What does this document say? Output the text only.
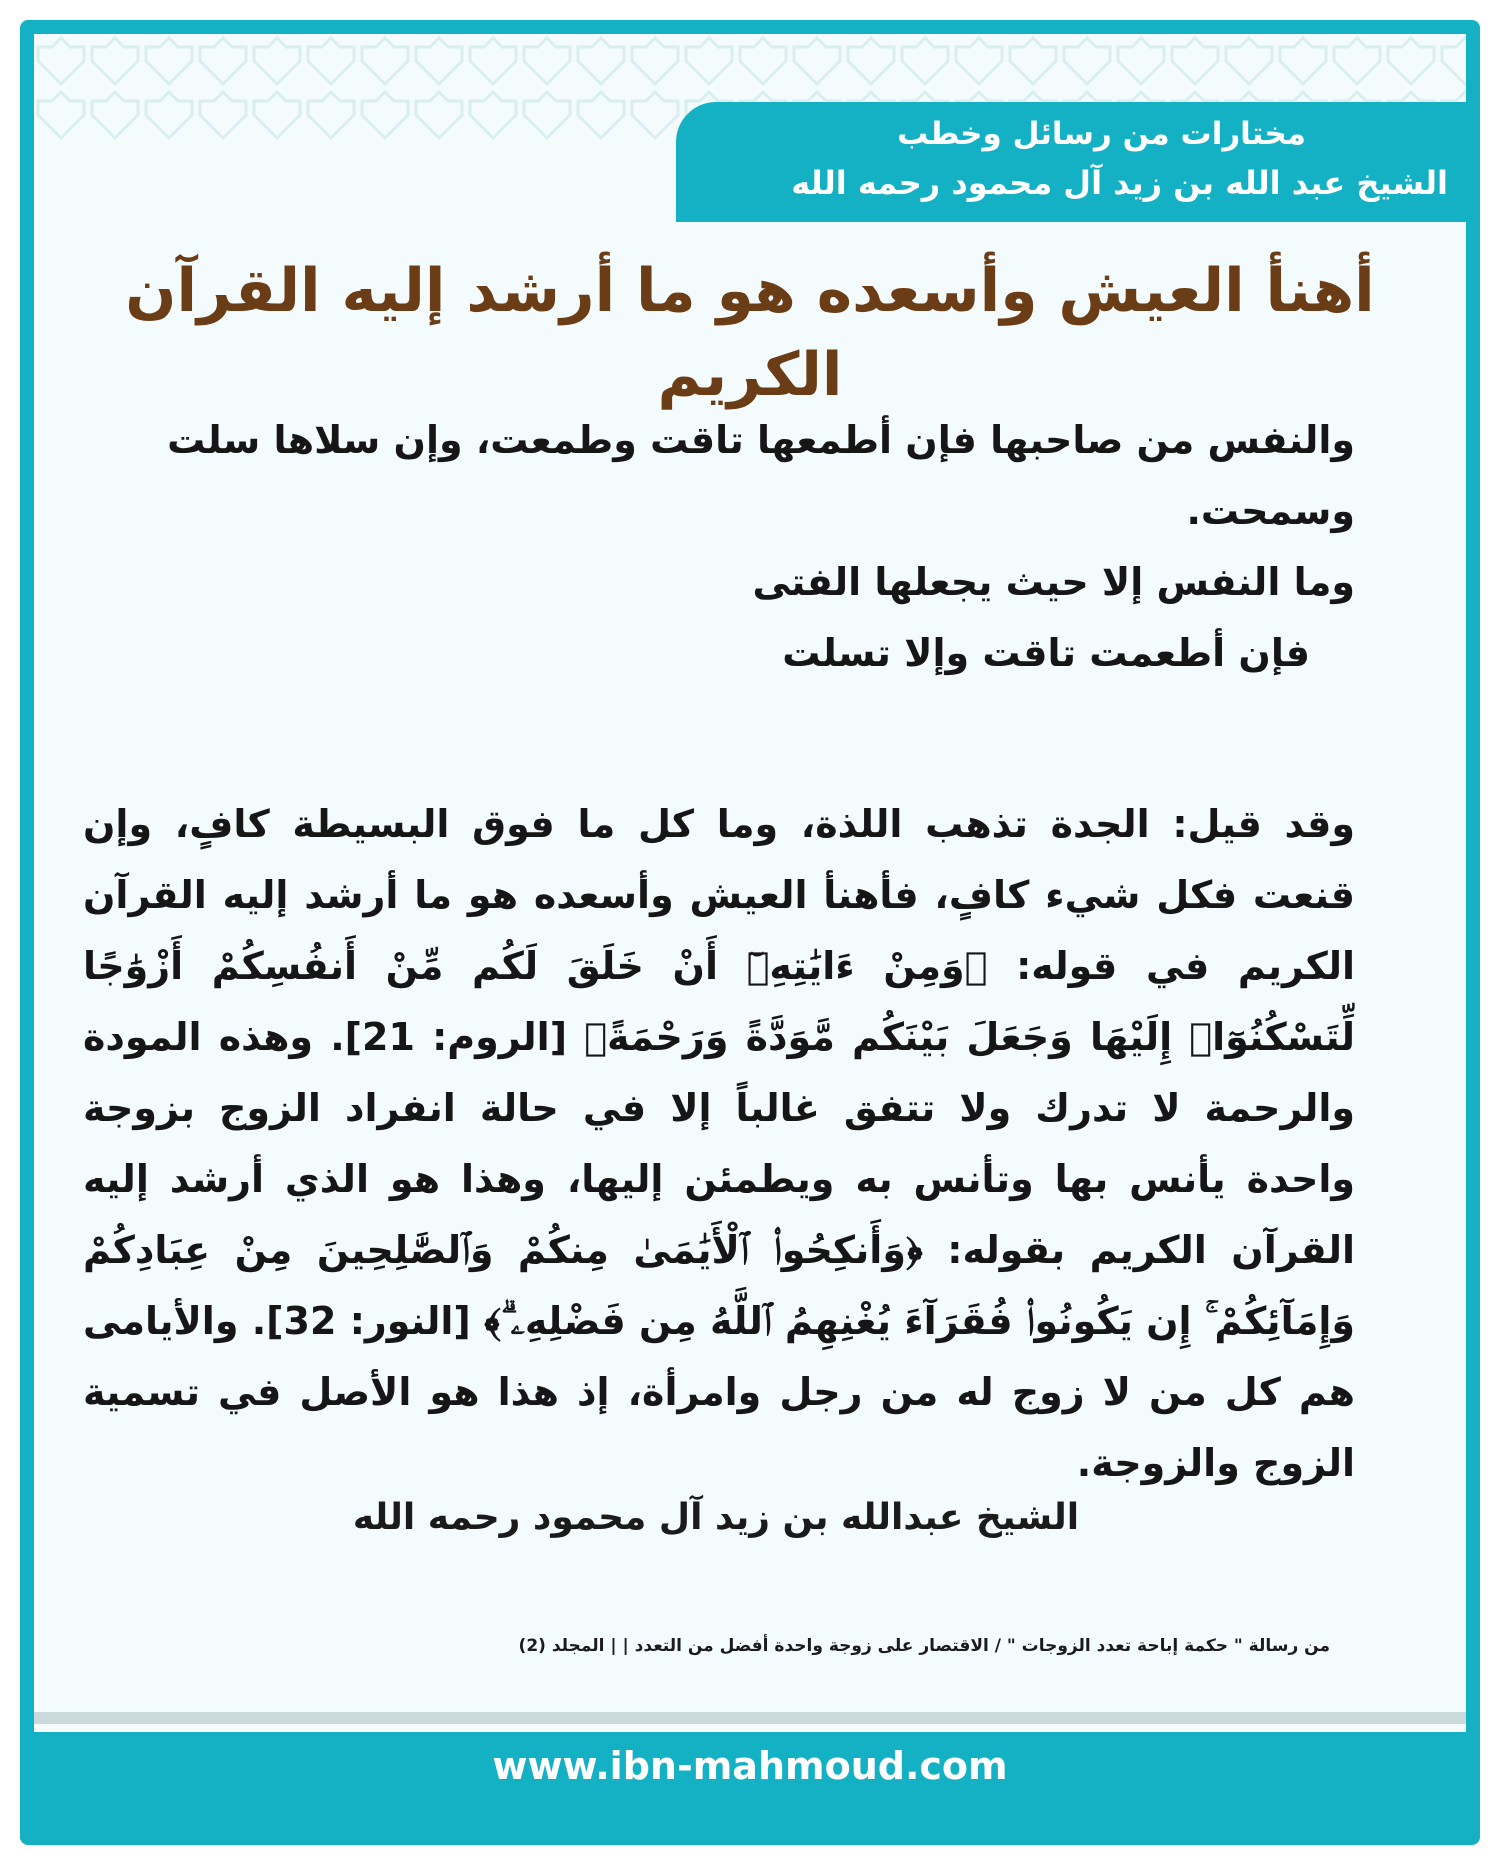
مختارات من رسائل وخطب
الشيخ عبد الله بن زيد آل محمود رحمه الله
أهنأ العيش وأسعده هو ما أرشد إليه القرآن الكريم

والنفس من صاحبها فإن أطمعها تاقت وطمعت، وإن سلاها سلت وسمحت.

وما النفس إلا حيث يجعلها الفتى

فإن أطعمت تاقت وإلا تسلت

وقد قيل: الجدة تذهب اللذة، وما كل ما فوق البسيطة كافٍ، وإن قنعت فكل شيء كافٍ، فأهنأ العيش وأسعده هو ما أرشد إليه القرآن الكريم في قوله: ﴿وَمِنْ ءَايَٰتِهِۦٓ أَنْ خَلَقَ لَكُم مِّنْ أَنفُسِكُمْ أَزْوَٰجًا لِّتَسْكُنُوٓا۟ إِلَيْهَا وَجَعَلَ بَيْنَكُم مَّوَدَّةً وَرَحْمَةً﴾ [الروم: 21]. وهذه المودة والرحمة لا تدرك ولا تتفق غالباً إلا في حالة انفراد الزوج بزوجة واحدة يأنس بها وتأنس به ويطمئن إليها، وهذا هو الذي أرشد إليه القرآن الكريم بقوله: ﴿وَأَنكِحُوا۟ ٱلْأَيَٰمَىٰ مِنكُمْ وَٱلصَّٰلِحِينَ مِنْ عِبَادِكُمْ وَإِمَآئِكُمْ ۚ إِن يَكُونُوا۟ فُقَرَآءَ يُغْنِهِمُ ٱللَّهُ مِن فَضْلِهِۦ ۗ﴾ [النور: 32]. والأيامى هم كل من لا زوج له من رجل وامرأة، إذ هذا هو الأصل في تسمية الزوج والزوجة.

الشيخ عبدالله بن زيد آل محمود رحمه الله
من رسالة " حكمة إباحة تعدد الزوجات " / الاقتصار على زوجة واحدة أفضل من التعدد | | المجلد (2)
www.ibn-mahmoud.com
